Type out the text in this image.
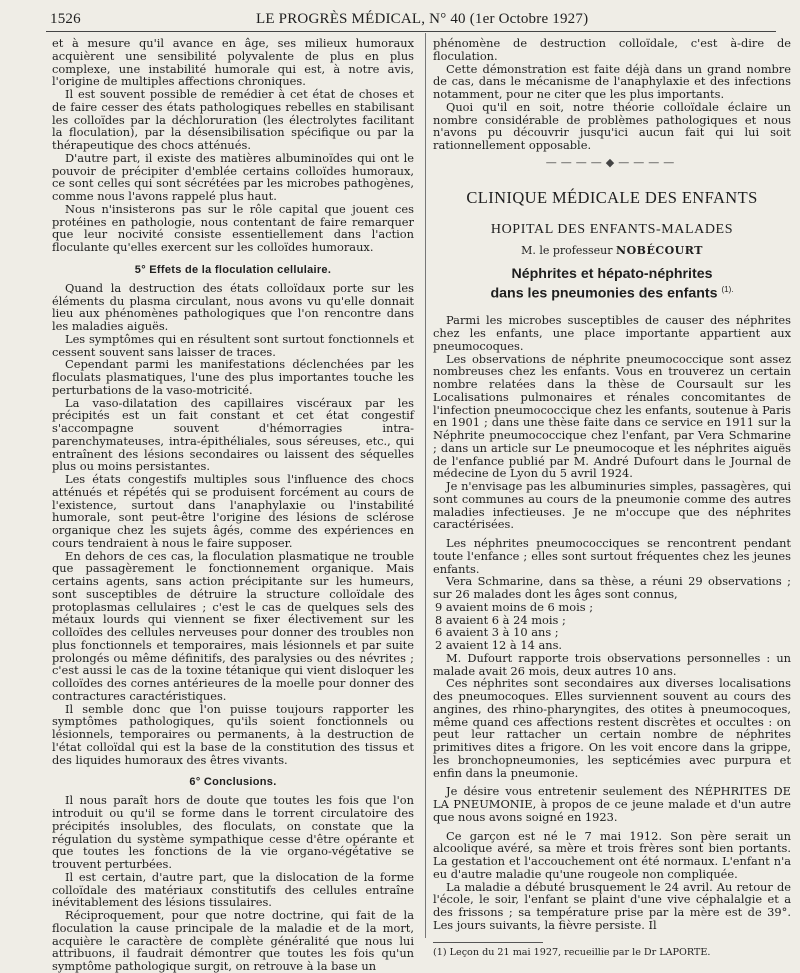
1526	LE PROGRÈS MÉDICAL, N° 40 (1er Octobre 1927)

et à mesure qu'il avance en âge, ses milieux humoraux acquièrent une sensibilité polyvalente de plus en plus complexe, une instabilité humorale qui est, à notre avis, l'origine de multiples affections chroniques.

Il est souvent possible de remédier à cet état de choses et de faire cesser des états pathologiques rebelles en stabilisant les colloïdes par la déchloruration (les électrolytes facilitant la floculation), par la désensibilisation spécifique ou par la thérapeutique des chocs atténués.

D'autre part, il existe des matières albuminoïdes qui ont le pouvoir de précipiter d'emblée certains colloïdes humoraux, ce sont celles qui sont sécrétées par les microbes pathogènes, comme nous l'avons rappelé plus haut.

Nous n'insisterons pas sur le rôle capital que jouent ces protéines en pathologie, nous contentant de faire remarquer que leur nocivité consiste essentiellement dans l'action floculante qu'elles exercent sur les colloïdes humoraux.

5° Effets de la floculation cellulaire.

Quand la destruction des états colloïdaux porte sur les éléments du plasma circulant, nous avons vu qu'elle donnait lieu aux phénomènes pathologiques que l'on rencontre dans les maladies aiguës.

Les symptômes qui en résultent sont surtout fonctionnels et cessent souvent sans laisser de traces.

Cependant parmi les manifestations déclenchées par les floculats plasmatiques, l'une des plus importantes touche les perturbations de la vaso-motricité.

La vaso-dilatation des capillaires viscéraux par les précipités est un fait constant et cet état congestif s'accompagne souvent d'hémorragies intra-parenchymateuses, intra-épithéliales, sous séreuses, etc., qui entraînent des lésions secondaires ou laissent des séquelles plus ou moins persistantes.

Les états congestifs multiples sous l'influence des chocs atténués et répétés qui se produisent forcément au cours de l'existence, surtout dans l'anaphylaxie ou l'instabilité humorale, sont peut-être l'origine des lésions de sclérose organique chez les sujets âgés, comme des expériences en cours tendraient à nous le faire supposer.

En dehors de ces cas, la floculation plasmatique ne trouble que passagèrement le fonctionnement organique. Mais certains agents, sans action précipitante sur les humeurs, sont susceptibles de détruire la structure colloïdale des protoplasmas cellulaires ; c'est le cas de quelques sels des métaux lourds qui viennent se fixer électivement sur les colloïdes des cellules nerveuses pour donner des troubles non plus fonctionnels et temporaires, mais lésionnels et par suite prolongés ou même définitifs, des paralysies ou des névrites ; c'est aussi le cas de la toxine tétanique qui vient disloquer les colloïdes des cornes antérieures de la moelle pour donner des contractures caractéristiques.

Il semble donc que l'on puisse toujours rapporter les symptômes pathologiques, qu'ils soient fonctionnels ou lésionnels, temporaires ou permanents, à la destruction de l'état colloïdal qui est la base de la constitution des tissus et des liquides humoraux des êtres vivants.

6° Conclusions.

Il nous paraît hors de doute que toutes les fois que l'on introduit ou qu'il se forme dans le torrent circulatoire des précipités insolubles, des floculats, on constate que la régulation du système sympathique cesse d'être opérante et que toutes les fonctions de la vie organo-végétative se trouvent perturbées.

Il est certain, d'autre part, que la dislocation de la forme colloïdale des matériaux constitutifs des cellules entraîne inévitablement des lésions tissulaires.

Réciproquement, pour que notre doctrine, qui fait de la floculation la cause principale de la maladie et de la mort, acquière le caractère de complète généralité que nous lui attribuons, il faudrait démontrer que toutes les fois qu'un symptôme pathologique surgit, on retrouve à la base un

phénomène de destruction colloïdale, c'est à-dire de floculation.

Cette démonstration est faite déjà dans un grand nombre de cas, dans le mécanisme de l'anaphylaxie et des infections notamment, pour ne citer que les plus importants.

Quoi qu'il en soit, notre théorie colloïdale éclaire un nombre considérable de problèmes pathologiques et nous n'avons pu découvrir jusqu'ici aucun fait qui lui soit rationnellement opposable.

————◆————
CLINIQUE MÉDICALE DES ENFANTS
HOPITAL DES ENFANTS-MALADES
M. le professeur NOBÉCOURT
Néphrites et hépato-néphrites
dans les pneumonies des enfants $^{(1).}$

Parmi les microbes susceptibles de causer des néphrites chez les enfants, une place importante appartient aux pneumocoques.

Les observations de néphrite pneumococcique sont assez nombreuses chez les enfants. Vous en trouverez un certain nombre relatées dans la thèse de Coursault sur les Localisations pulmonaires et rénales concomitantes de l'infection pneumococcique chez les enfants, soutenue à Paris en 1901 ; dans une thèse faite dans ce service en 1911 sur la Néphrite pneumococcique chez l'enfant, par Vera Schmarine ; dans un article sur Le pneumocoque et les néphrites aiguës de l'enfance publié par M. André Dufourt dans le Journal de médecine de Lyon du 5 avril 1924.

Je n'envisage pas les albuminuries simples, passagères, qui sont communes au cours de la pneumonie comme des autres maladies infectieuses. Je ne m'occupe que des néphrites caractérisées.

Les néphrites pneumococciques se rencontrent pendant toute l'enfance ; elles sont surtout fréquentes chez les jeunes enfants.

Vera Schmarine, dans sa thèse, a réuni 29 observations ; sur 26 malades dont les âges sont connus,

9 avaient moins de 6 mois ;

8 avaient 6 à 24 mois ;

6 avaient 3 à 10 ans ;

2 avaient 12 à 14 ans.

M. Dufourt rapporte trois observations personnelles : un malade avait 26 mois, deux autres 10 ans.

Ces néphrites sont secondaires aux diverses localisations des pneumocoques. Elles surviennent souvent au cours des angines, des rhino-pharyngites, des otites à pneumocoques, même quand ces affections restent discrètes et occultes : on peut leur rattacher un certain nombre de néphrites primitives dites a frigore. On les voit encore dans la grippe, les bronchopneumonies, les septicémies avec purpura et enfin dans la pneumonie.

Je désire vous entretenir seulement des NÉPHRITES DE LA PNEUMONIE, à propos de ce jeune malade et d'un autre que nous avons soigné en 1923.

Ce garçon est né le 7 mai 1912. Son père serait un alcoolique avéré, sa mère et trois frères sont bien portants. La gestation et l'accouchement ont été normaux. L'enfant n'a eu d'autre maladie qu'une rougeole non compliquée.

La maladie a débuté brusquement le 24 avril. Au retour de l'école, le soir, l'enfant se plaint d'une vive céphalalgie et a des frissons ; sa température prise par la mère est de 39°. Les jours suivants, la fièvre persiste. Il

(1) Leçon du 21 mai 1927, recueillie par le Dr LAPORTE.
